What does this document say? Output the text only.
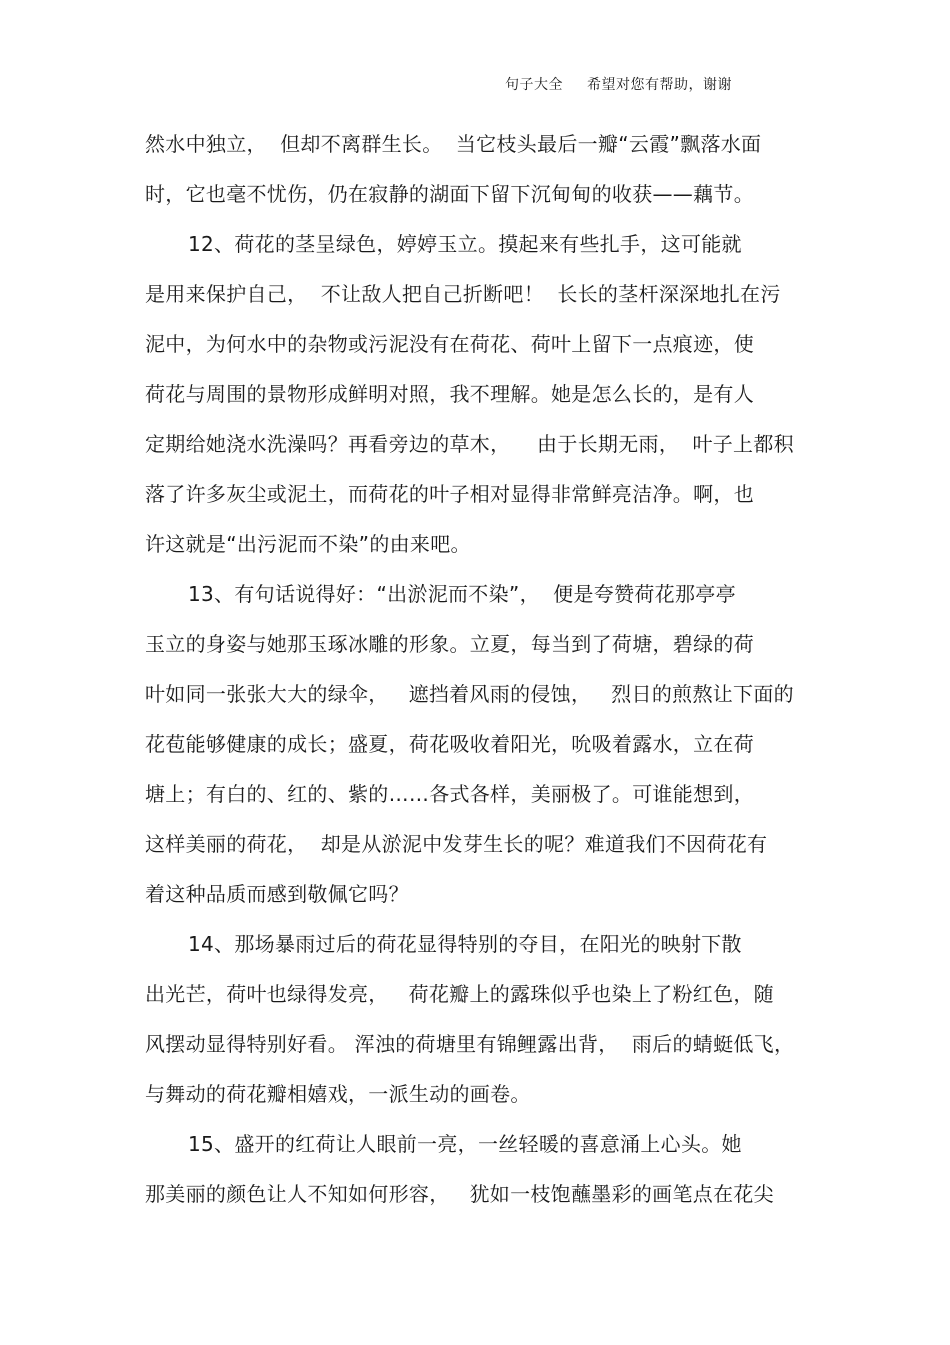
句子大全 希望对您有帮助，谢谢
然水中独立，  但却不离群生长。  当它枝头最后一瓣“云霞”飘落水面
时，它也毫不忧伤，仍在寂静的湖面下留下沉甸甸的收获——藕节。
12、荷花的茎呈绿色，婷婷玉立。摸起来有些扎手，这可能就
是用来保护自己，  不让敌人把自己折断吧！  长长的茎杆深深地扎在污
泥中，为何水中的杂物或污泥没有在荷花、荷叶上留下一点痕迹，使
荷花与周围的景物形成鲜明对照，我不理解。她是怎么长的，是有人
定期给她浇水洗澡吗？再看旁边的草木，    由于长期无雨，  叶子上都积
落了许多灰尘或泥土，而荷花的叶子相对显得非常鲜亮洁净。啊，也
许这就是“出污泥而不染”的由来吧。
13、有句话说得好：“出淤泥而不染”，  便是夸赞荷花那亭亭
玉立的身姿与她那玉琢冰雕的形象。立夏，每当到了荷塘，碧绿的荷
叶如同一张张大大的绿伞，   遮挡着风雨的侵蚀，   烈日的煎熬让下面的
花苞能够健康的成长；盛夏，荷花吸收着阳光，吮吸着露水，立在荷
塘上；有白的、红的、紫的……各式各样，美丽极了。可谁能想到，
这样美丽的荷花，  却是从淤泥中发芽生长的呢？难道我们不因荷花有
着这种品质而感到敬佩它吗？
14、那场暴雨过后的荷花显得特别的夺目，在阳光的映射下散
出光芒，荷叶也绿得发亮，   荷花瓣上的露珠似乎也染上了粉红色，随
风摆动显得特别好看。 浑浊的荷塘里有锦鲤露出背，  雨后的蜻蜓低飞，
与舞动的荷花瓣相嬉戏，一派生动的画卷。
15、盛开的红荷让人眼前一亮，一丝轻暖的喜意涌上心头。她
那美丽的颜色让人不知如何形容，   犹如一枝饱蘸墨彩的画笔点在花尖
